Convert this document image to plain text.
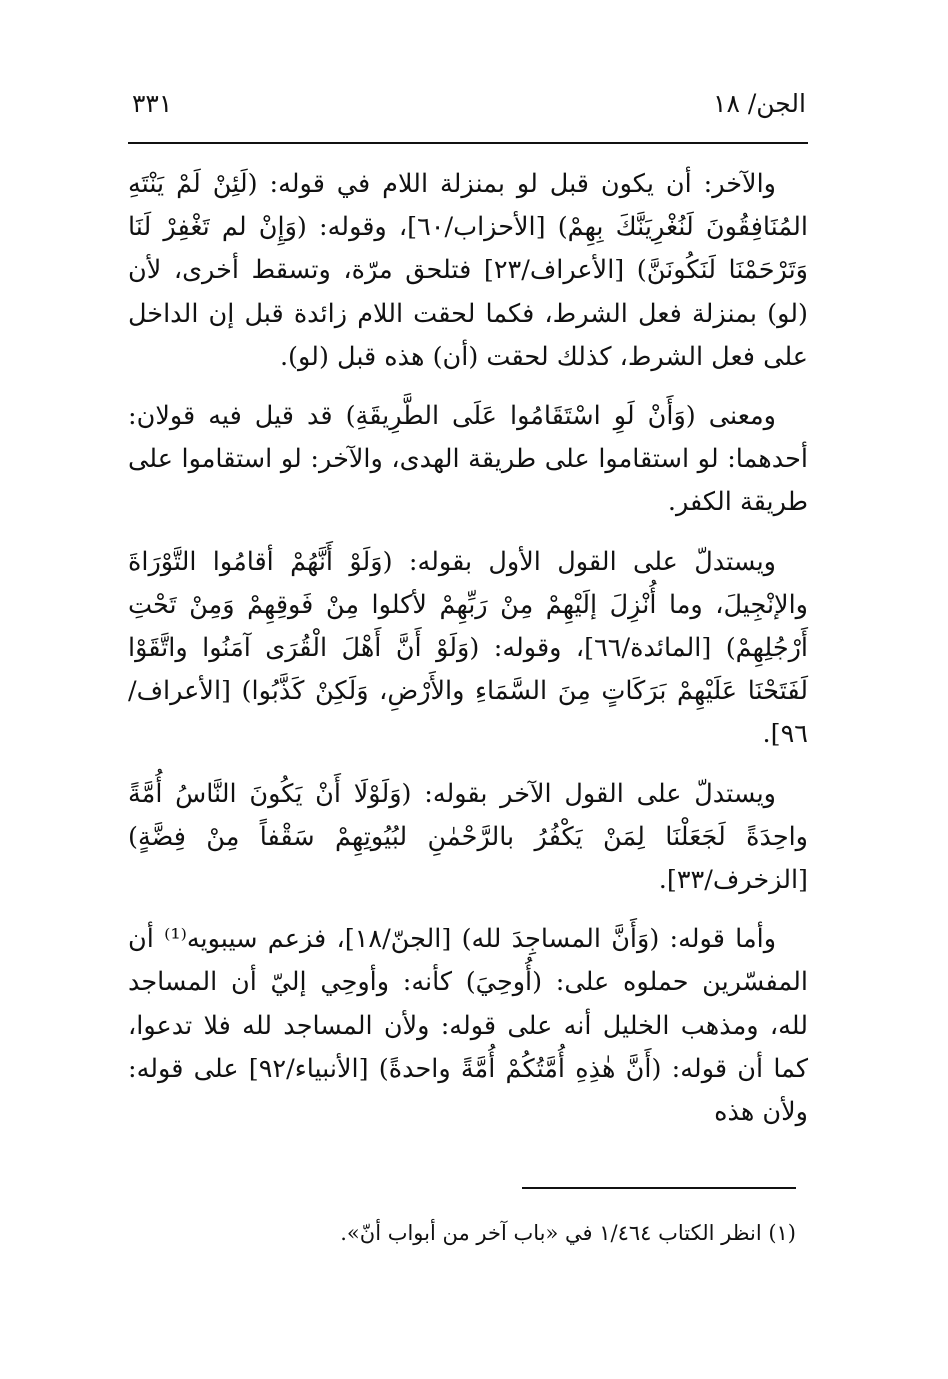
الجن/ ١٨
٣٣١

والآخر: أن يكون قبل لو بمنزلة اللام في قوله: (لَئِنْ لَمْ يَنْتَهِ المُنَافِقُونَ لَنُغْرِيَنَّكَ بِهِمْ) [الأحزاب/٦٠]، وقوله: (وَإِنْ لم تَغْفِرْ لَنَا وَتَرْحَمْنَا لَنَكُونَنَّ) [الأعراف/٢٣] فتلحق مرّة، وتسقط أخرى، لأن (لو) بمنزلة فعل الشرط، فكما لحقت اللام زائدة قبل إن الداخل على فعل الشرط، كذلك لحقت (أن) هذه قبل (لو).

ومعنى (وَأَنْ لَوِ اسْتَقَامُوا عَلَى الطَّرِيقَةِ) قد قيل فيه قولان: أحدهما: لو استقاموا على طريقة الهدى، والآخر: لو استقاموا على طريقة الكفر.

ويستدلّ على القول الأول بقوله: (وَلَوْ أَنَّهُمْ أقامُوا التَّوْرَاةَ والإنْجِيلَ، وما أُنْزِلَ إلَيْهِمْ مِنْ رَبِّهِمْ لأكلوا مِنْ فَوقِهِمْ وَمِنْ تَحْتِ أَرْجُلِهِمْ) [المائدة/٦٦]، وقوله: (وَلَوْ أَنَّ أَهْلَ الْقُرَى آمَنُوا واتَّقَوْا لَفَتَحْنَا عَلَيْهِمْ بَرَكَاتٍ مِنَ السَّمَاءِ والأَرْضِ، وَلَكِنْ كَذَّبُوا) [الأعراف/ ٩٦].

ويستدلّ على القول الآخر بقوله: (وَلَوْلَا أَنْ يَكُونَ النَّاسُ أُمَّةً واحِدَةً لَجَعَلْنَا لِمَنْ يَكْفُرُ بالرَّحْمٰنِ لبُيُوتِهِمْ سَقْفاً مِنْ فِضَّةٍ) [الزخرف/٣٣].

وأما قوله: (وَأَنَّ المساجِدَ لله) [الجنّ/١٨]، فزعم سيبويه⁽¹⁾ أن المفسّرين حملوه على: (أُوحِيَ) كأنه: وأوحِي إليّ أن المساجد لله، ومذهب الخليل أنه على قوله: ولأن المساجد لله فلا تدعوا، كما أن قوله: (أَنَّ هٰذِهِ أُمَّتُكُمْ أُمَّةً واحدةً) [الأنبياء/٩٢] على قوله: ولأن هذه

(١) انظر الكتاب ١/٤٦٤ في «باب آخر من أبواب أنّ».
